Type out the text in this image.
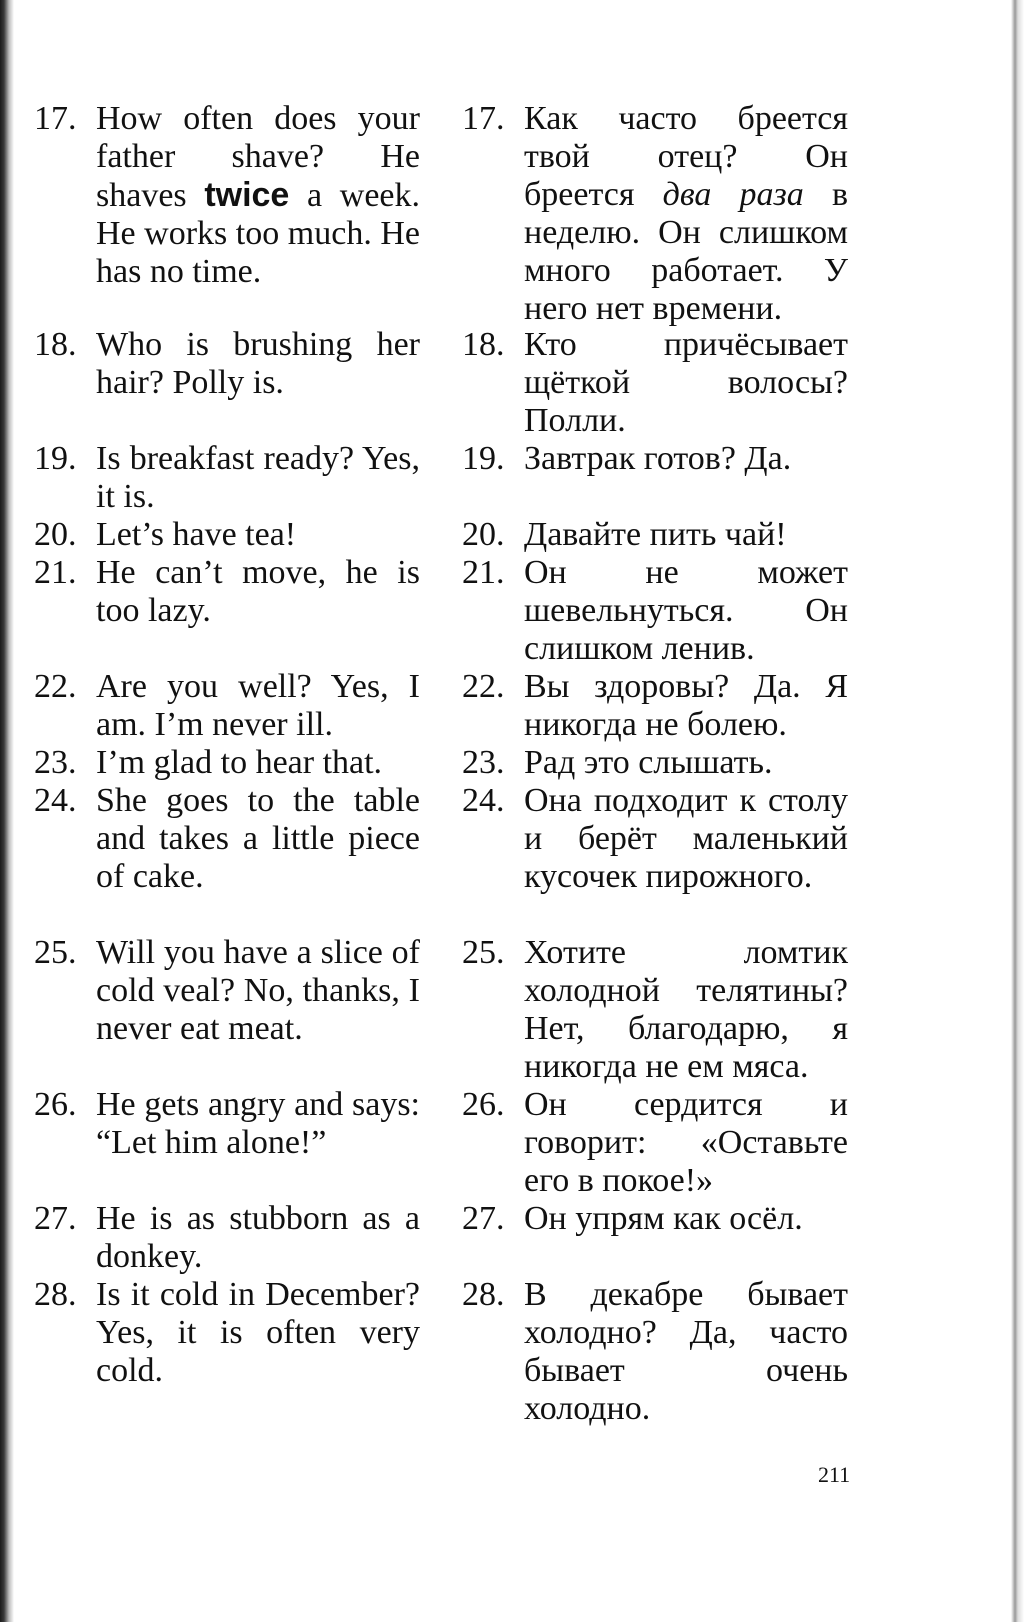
17. How often does your father shave? He shaves twice a week. He works too much. He has no time.
17. Как часто бреется твой отец? Он бреется два раза в неделю. Он слишком много работает. У него нет времени.
18. Who is brushing her hair? Polly is.
18. Кто причёсывает щёткой волосы? Полли.
19. Is breakfast ready? Yes, it is.
19. Завтрак готов? Да.
20. Let’s have tea!	20. Давайте пить чай!
21. He can’t move, he is too lazy.
21. Он не может шевельнуться. Он слишком ленив.
22. Are you well? Yes, I am. I’m never ill.
22. Вы здоровы? Да. Я никогда не болею.
23. I’m glad to hear that.	23. Рад это слышать.
24. She goes to the table and takes a little piece of cake.
24. Она подходит к столу и берёт маленький кусочек пирожного.
25. Will you have a slice of cold veal? No, thanks, I never eat meat.
25. Хотите ломтик холодной телятины? Нет, благодарю, я никогда не ем мяса.
26. He gets angry and says: “Let him alone!”
26. Он сердится и говорит: «Оставьте его в покое!»
27. He is as stubborn as a donkey.
27. Он упрям как осёл.
28. Is it cold in December? Yes, it is often very cold.
28. В декабре бывает холодно? Да, часто бывает очень холодно.
211
